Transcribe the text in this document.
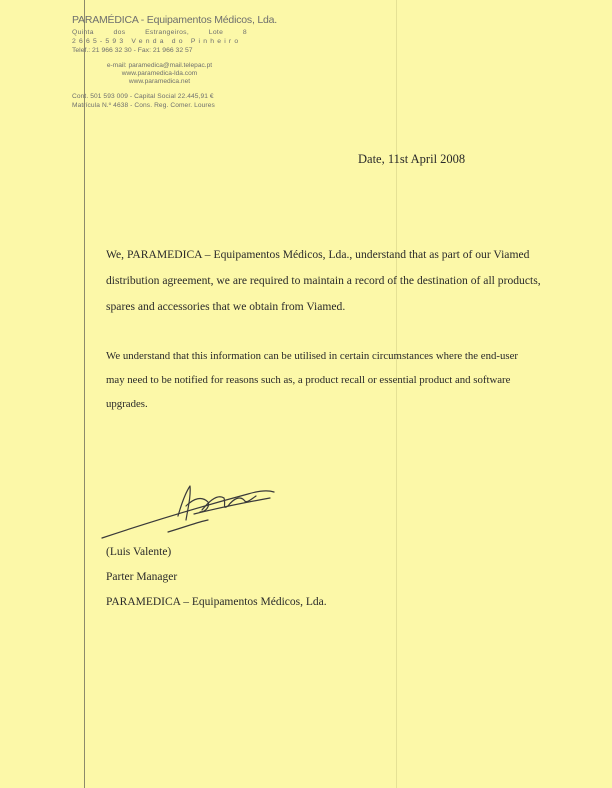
PARAMÉDICA - Equipamentos Médicos, Lda.
Quinta	dos	Estrangeiros,	Lote	8
2665-593 Venda do Pinheiro
Telef.: 21 966 32 30 - Fax: 21 966 32 57
e-mail: paramedica@mail.telepac.pt
www.paramedica-lda.com
www.paramedica.net
Cont. 501 593 009 - Capital Social 22.445,91 €
Matrícula N.º 4638 - Cons. Reg. Comer. Loures
Date, 11st April 2008
We, PARAMEDICA – Equipamentos Médicos, Lda., understand that as part of our Viamed
distribution agreement, we are required to maintain a record of the destination of all products,
spares and accessories that we obtain from Viamed.
We understand that this information can be utilised in certain circumstances where the end-user
may need to be notified for reasons such as, a product recall or essential product and software
upgrades.
(Luis Valente)
Parter Manager
PARAMEDICA – Equipamentos Médicos, Lda.
